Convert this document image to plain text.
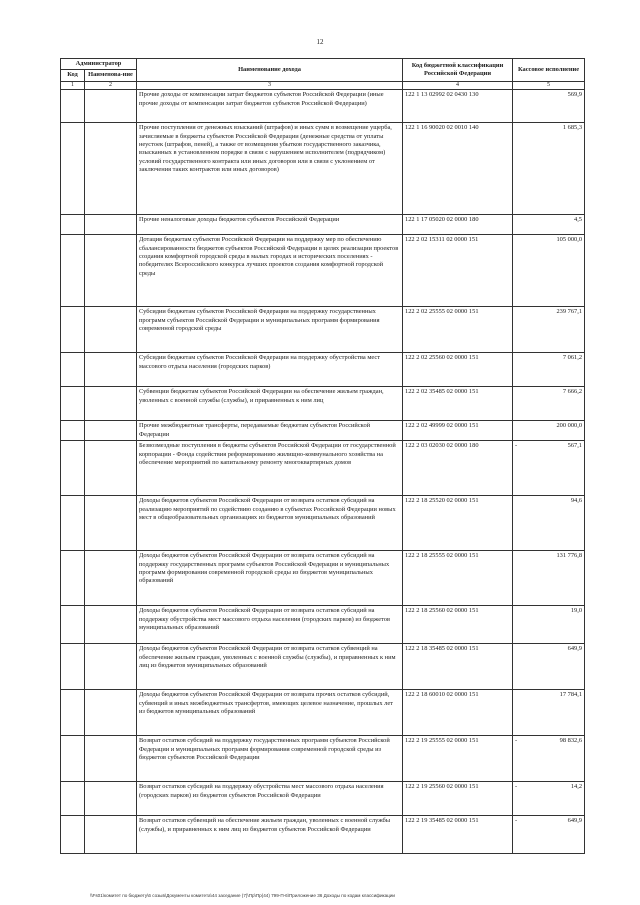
12
Администратор		Наименование дохода	Код бюджетной классификации Российской Федерации	Кассовое исполнение
Код	Наименова-ние			
1	2	3	4	5
		Прочие доходы от компенсации затрат бюджетов субъектов Российской Федерации (иные прочие доходы от компенсации затрат бюджетов субъектов Российской Федерации)	122 1 13 02992 02 0430 130	569,9
		Прочие поступления от денежных взысканий (штрафов) и иных сумм в возмещение ущерба, зачисляемые в бюджеты субъектов Российской Федерации (денежные средства от уплаты неустоек (штрафов, пеней), а также от возмещения убытков государственного заказчика, взысканных в установленном порядке в связи с нарушением исполнителем (подрядчиком) условий государственного контракта или иных договоров или в связи с уклонением от заключения таких контрактов или иных договоров)	122 1 16 90020 02 0010 140	1 685,3
		Прочие неналоговые доходы бюджетов субъектов Российской Федерации	122 1 17 05020 02 0000 180	4,5
		Дотация бюджетам субъектов Российской Федерации на поддержку мер по обеспечению сбалансированности бюджетов субъектов Российской Федерации в целях реализации проектов создания комфортной городской среды в малых городах и исторических поселениях - победителях Всероссийского конкурса лучших проектов создания комфортной городской среды	122 2 02 15311 02 0000 151	105 000,0
		Субсидии бюджетам субъектов Российской Федерации на поддержку государственных программ субъектов Российской Федерации и муниципальных программ формирования современной городской среды	122 2 02 25555 02 0000 151	239 767,1
		Субсидии бюджетам субъектов Российской Федерации на поддержку обустройства мест массового отдыха населения (городских парков)	122 2 02 25560 02 0000 151	7 061,2
		Субвенции бюджетам субъектов Российской Федерации на обеспечение жильем граждан, уволенных с военной службы (службы), и приравненных к ним лиц	122 2 02 35485 02 0000 151	7 666,2
		Прочие межбюджетные трансферты, передаваемые бюджетам субъектов Российской Федерации	122 2 02 49999 02 0000 151	200 000,0
		Безвозмездные поступления в бюджеты субъектов Российской Федерации от государственной корпорации - Фонда содействия реформированию жилищно-коммунального хозяйства на обеспечение мероприятий по капитальному ремонту многоквартирных домов	122 2 03 02030 02 0000 180	- 567,1
		Доходы бюджетов субъектов Российской Федерации от возврата остатков субсидий на реализацию мероприятий по содействию созданию в субъектах Российской Федерации новых мест в общеобразовательных организациях из бюджетов муниципальных образований	122 2 18 25520 02 0000 151	94,6
		Доходы бюджетов субъектов Российской Федерации от возврата остатков субсидий на поддержку государственных программ субъектов Российской Федерации и муниципальных программ формирования современной городской среды из бюджетов муниципальных образований	122 2 18 25555 02 0000 151	131 776,8
		Доходы бюджетов субъектов Российской Федерации от возврата остатков субсидий на поддержку обустройства мест массового отдыха населения (городских парков) из бюджетов муниципальных образований	122 2 18 25560 02 0000 151	19,0
		Доходы бюджетов субъектов Российской Федерации от возврата остатков субвенций на обеспечение жильем граждан, уволенных с военной службы (службы), и приравненных к ним лиц из бюджетов муниципальных образований	122 2 18 35485 02 0000 151	649,9
		Доходы бюджетов субъектов Российской Федерации от возврата прочих остатков субсидий, субвенций и иных межбюджетных трансфертов, имеющих целевое назначение, прошлых лет из бюджетов муниципальных образований	122 2 18 60010 02 0000 151	17 784,1
		Возврат остатков субсидий на поддержку государственных программ субъектов Российской Федерации и муниципальных программ формирования современной городской среды из бюджетов субъектов Российской Федерации	122 2 19 25555 02 0000 151	- 98 832,6
		Возврат остатков субсидий на поддержку обустройства мест массового отдыха населения (городских парков) из бюджетов субъектов Российской Федерации	122 2 19 25560 02 0000 151	- 14,2
		Возврат остатков субвенций на обеспечение жильем граждан, уволенных с военной службы (службы), и приравненных к ним лиц из бюджетов субъектов Российской Федерации	122 2 19 35485 02 0000 151	- 649,9
\\Fs01\комитет по бюджету\6 созыв\Документы комитета\44 заседание (7)\Пр\Пр(44) 799-П-6\Приложение 36 Доходы по кодам классификации
